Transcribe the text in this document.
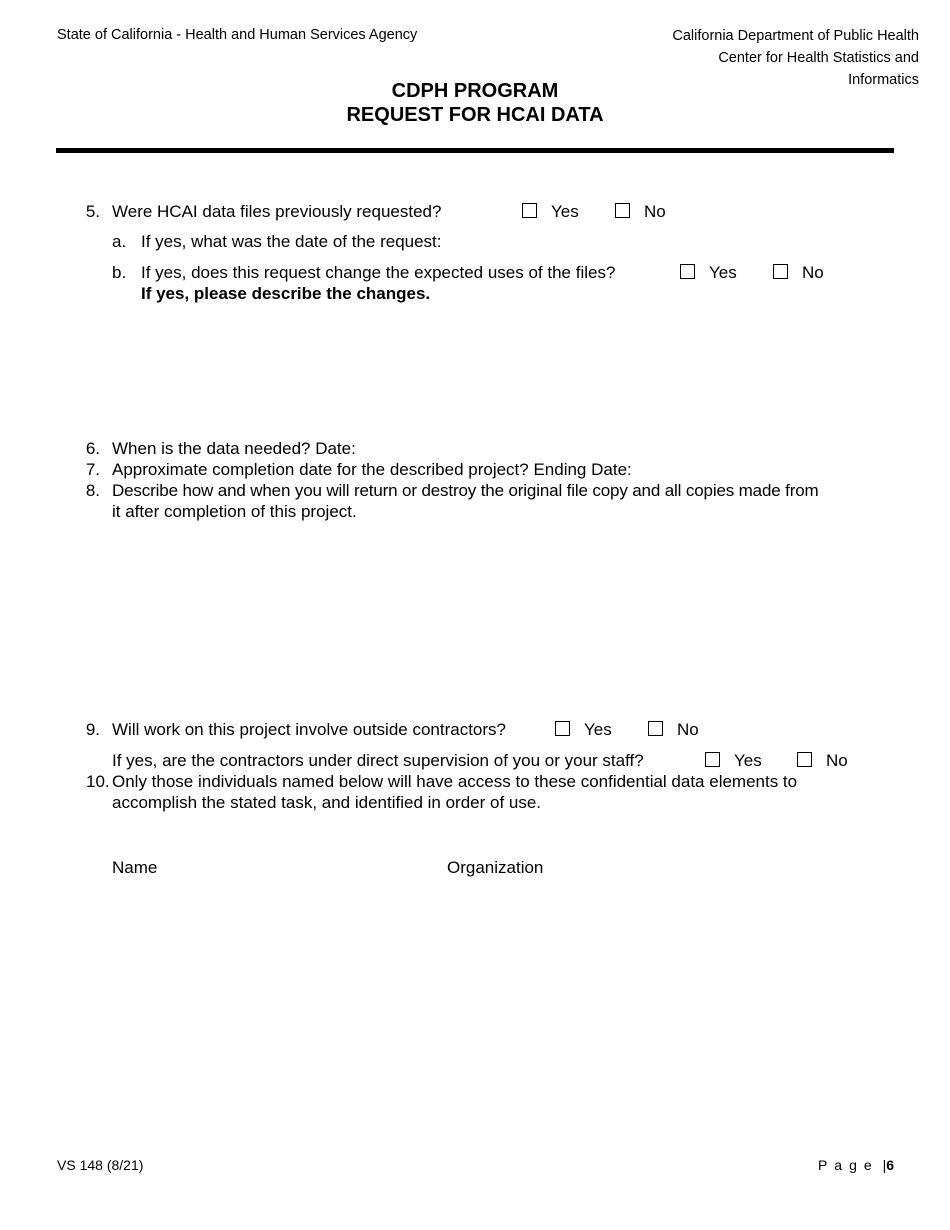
State of California - Health and Human Services Agency	California Department of Public Health
Center for Health Statistics and
Informatics
CDPH PROGRAM
REQUEST FOR HCAI DATA
5. Were HCAI data files previously requested?	Yes	No
a. If yes, what was the date of the request:
b. If yes, does this request change the expected uses of the files?	Yes	No
If yes, please describe the changes.
6. When is the data needed? Date:
7. Approximate completion date for the described project? Ending Date:
8. Describe how and when you will return or destroy the original file copy and all copies made from
it after completion of this project.
9. Will work on this project involve outside contractors?	Yes	No
If yes, are the contractors under direct supervision of you or your staff?	Yes	No
10. Only those individuals named below will have access to these confidential data elements to
accomplish the stated task, and identified in order of use.
Name	Organization
VS 148 (8/21)	Page |6
